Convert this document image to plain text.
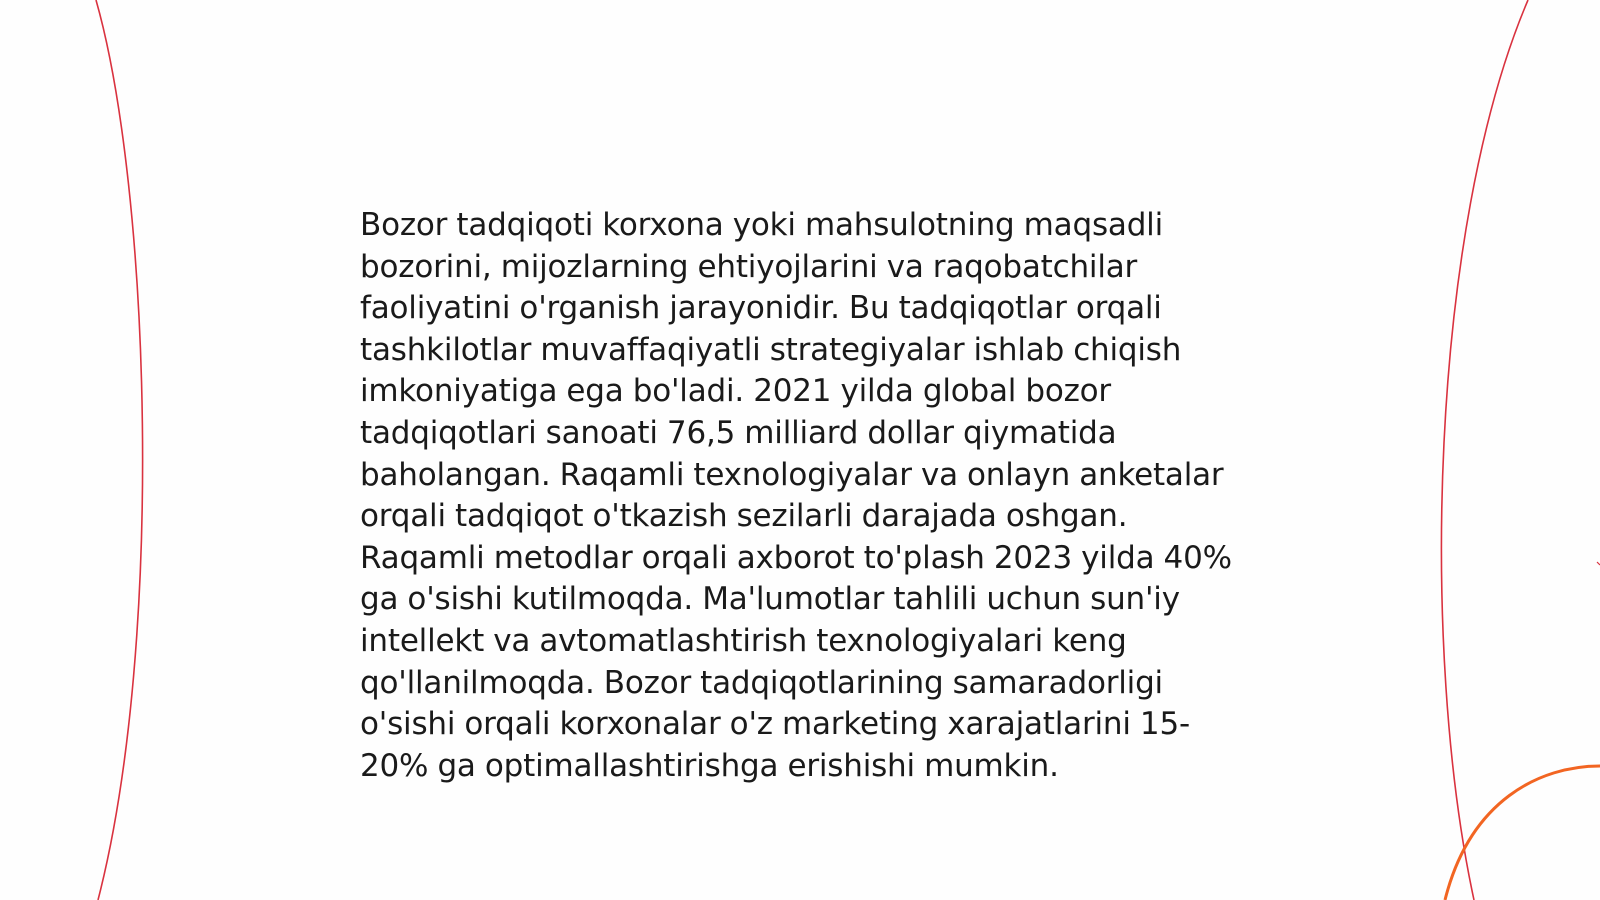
Bozor tadqiqoti korxona yoki mahsulotning maqsadli bozorini, mijozlarning ehtiyojlarini va raqobatchilar faoliyatini o'rganish jarayonidir. Bu tadqiqotlar orqali tashkilotlar muvaffaqiyatli strategiyalar ishlab chiqish imkoniyatiga ega bo'ladi. 2021 yilda global bozor tadqiqotlari sanoati 76,5 milliard dollar qiymatida baholangan. Raqamli texnologiyalar va onlayn anketalar orqali tadqiqot o'tkazish sezilarli darajada oshgan. Raqamli metodlar orqali axborot to'plash 2023 yilda 40% ga o'sishi kutilmoqda. Ma'lumotlar tahlili uchun sun'iy intellekt va avtomatlashtirish texnologiyalari keng qo'llanilmoqda. Bozor tadqiqotlarining samaradorligi o'sishi orqali korxonalar o'z marketing xarajatlarini 15-20% ga optimallashtirishga erishishi mumkin.
